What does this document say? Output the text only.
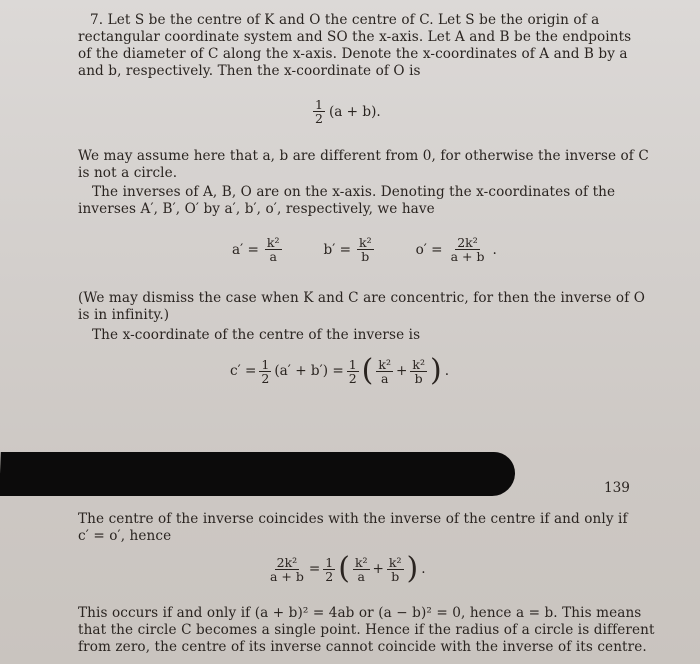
7. Let S be the centre of K and O the centre of C. Let S be the origin of a
rectangular coordinate system and SO the x-axis. Let A and B be the endpoints
of the diameter of C along the x-axis. Denote the x-coordinates of A and B by a
and b, respectively. Then the x-coordinate of O is
$\frac{1}{2} (a + b)$.
We may assume here that a, b are different from 0, for otherwise the inverse of C
is not a circle.
The inverses of A, B, O are on the x-axis. Denoting the x-coordinates of the
inverses A′, B′, O′ by a′, b′, o′, respectively, we have
$a' = \frac{\text{k²}}{a}$	$b' = \frac{\text{k²}}{b}$	$o' = \frac{\text{2k²}}{a + b}$ .
(We may dismiss the case when K and C are concentric, for then the inverse of O
is in infinity.)
The x-coordinate of the centre of the inverse is
$c' = \frac{1}{2} (a' + b') = \frac{1}{2}$ ( $\frac{\text{k²}}{a} + \frac{\text{k²}}{b}$ ) .
139
The centre of the inverse coincides with the inverse of the centre if and only if
c′ = o′, hence
$\frac{\text{2k²}}{a + b} = \frac{1}{2}$ ( $\frac{\text{k²}}{a} + \frac{\text{k²}}{b}$ ) .
This occurs if and only if (a + b)² = 4ab or (a − b)² = 0, hence a = b. This means
that the circle C becomes a single point. Hence if the radius of a circle is different
from zero, the centre of its inverse cannot coincide with the inverse of its centre.
